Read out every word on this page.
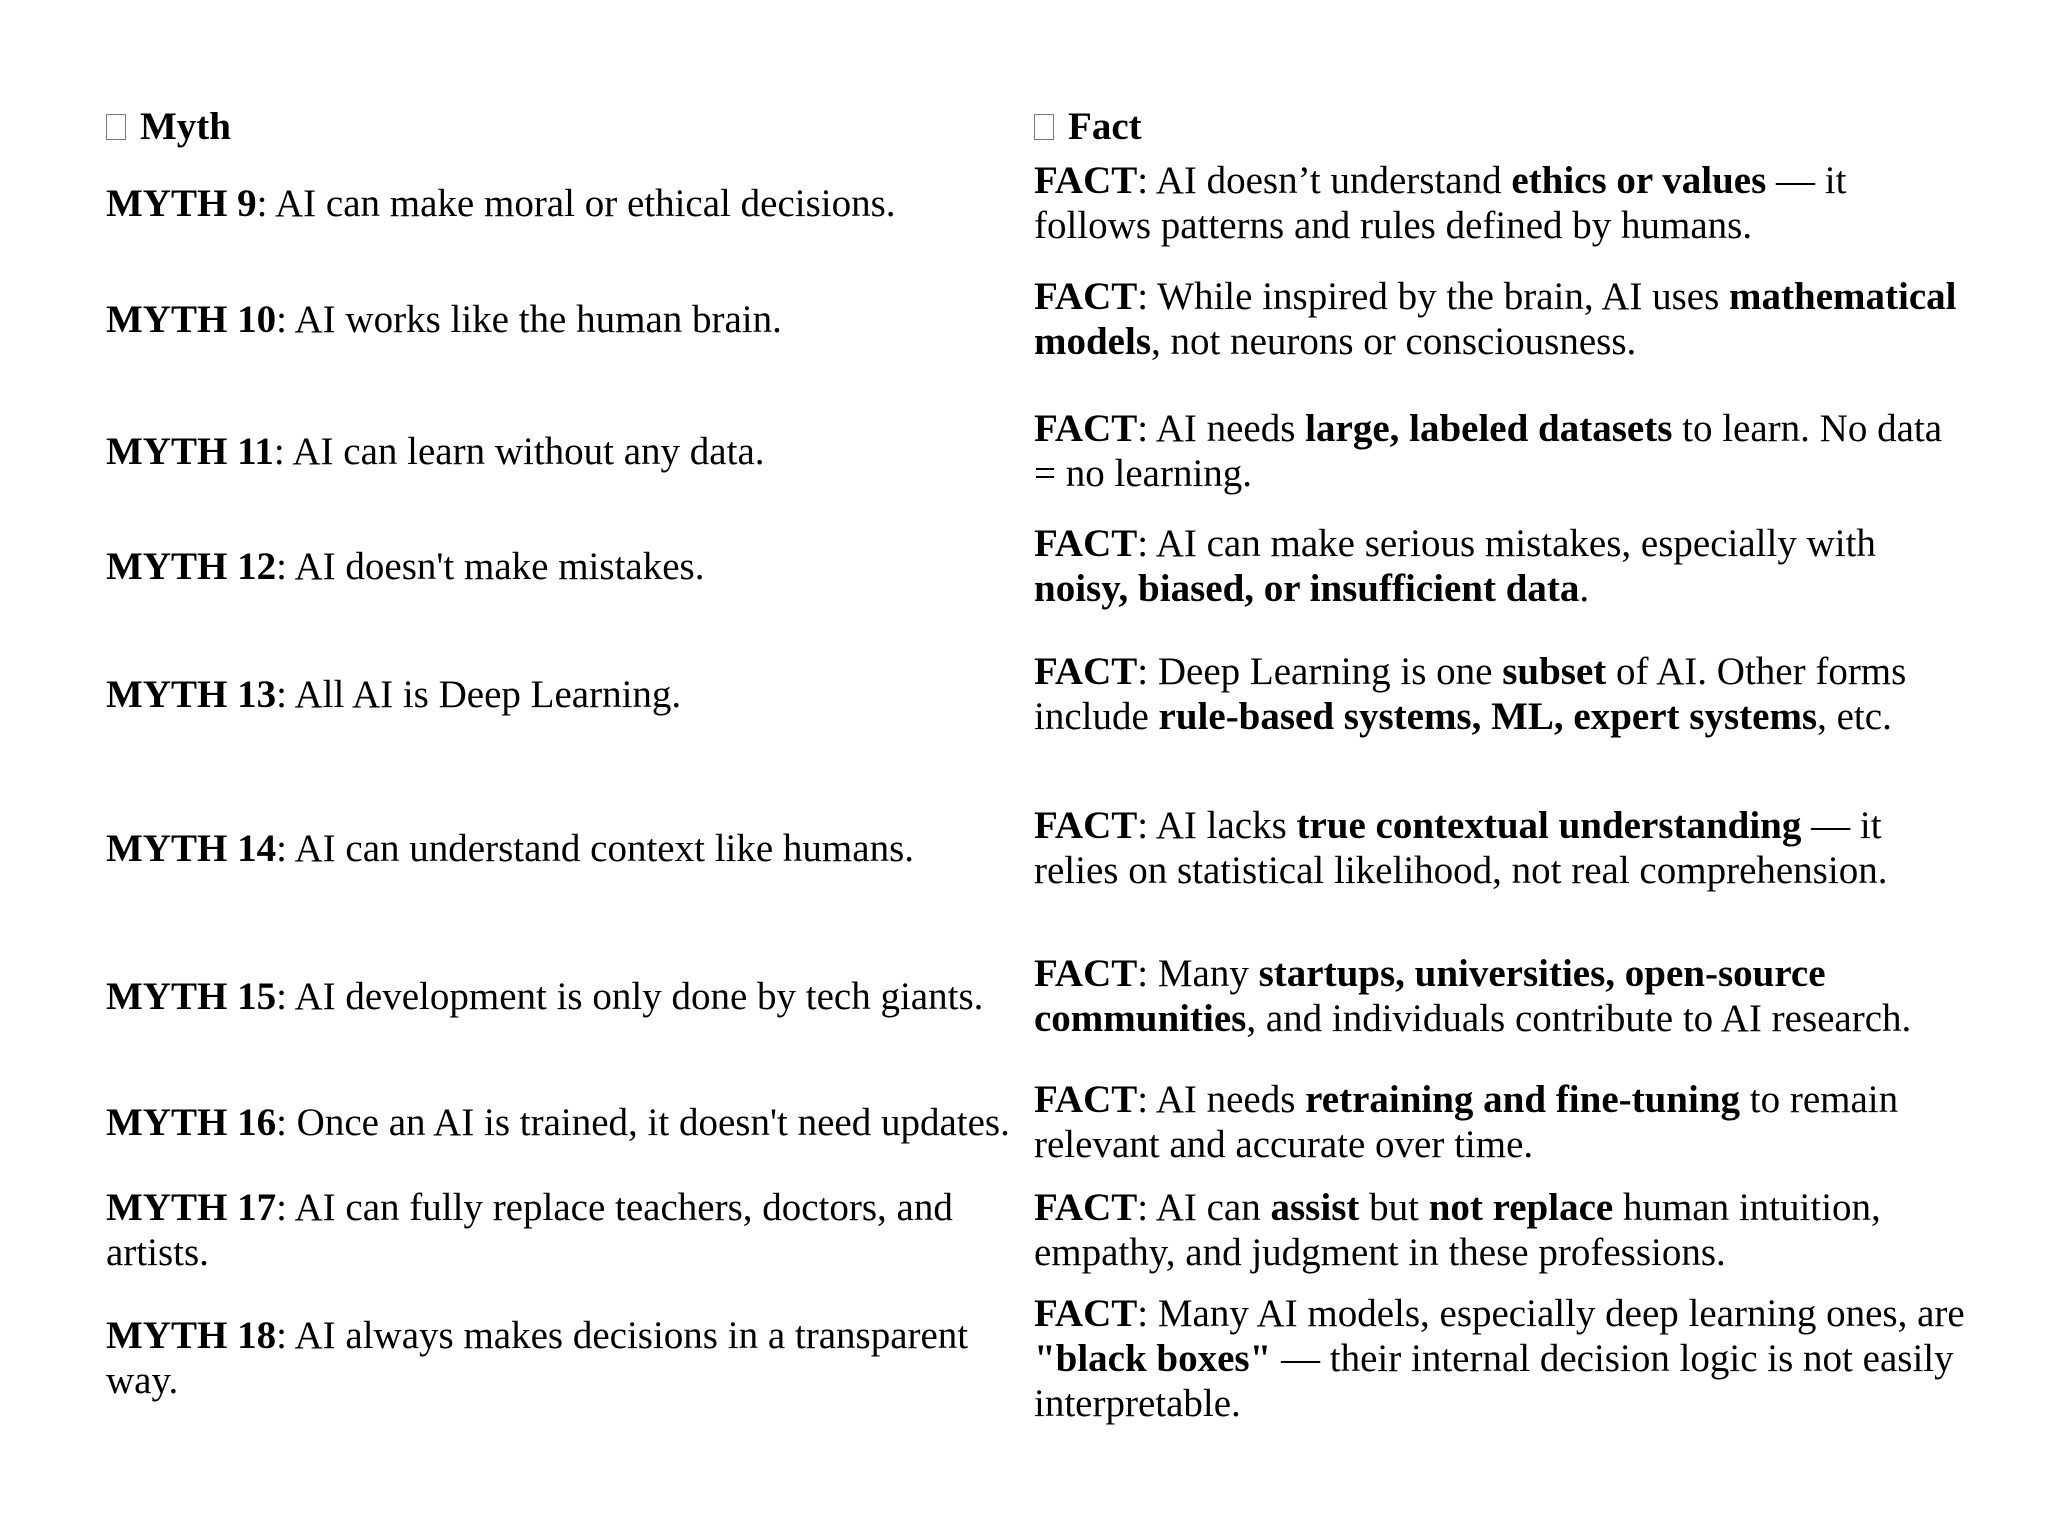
Myth	Fact
MYTH 9: AI can make moral or ethical decisions.	FACT: AI doesn’t understand ethics or values — it follows patterns and rules defined by humans.
MYTH 10: AI works like the human brain.	FACT: While inspired by the brain, AI uses mathematical models, not neurons or consciousness.
MYTH 11: AI can learn without any data.	FACT: AI needs large, labeled datasets to learn. No data = no learning.
MYTH 12: AI doesn't make mistakes.	FACT: AI can make serious mistakes, especially with noisy, biased, or insufficient data.
MYTH 13: All AI is Deep Learning.	FACT: Deep Learning is one subset of AI. Other forms include rule-based systems, ML, expert systems, etc.
MYTH 14: AI can understand context like humans.	FACT: AI lacks true contextual understanding — it relies on statistical likelihood, not real comprehension.
MYTH 15: AI development is only done by tech giants.	FACT: Many startups, universities, open-source communities, and individuals contribute to AI research.
MYTH 16: Once an AI is trained, it doesn't need updates.	FACT: AI needs retraining and fine-tuning to remain relevant and accurate over time.
MYTH 17: AI can fully replace teachers, doctors, and artists.	FACT: AI can assist but not replace human intuition, empathy, and judgment in these professions.
MYTH 18: AI always makes decisions in a transparent way.	FACT: Many AI models, especially deep learning ones, are "black boxes" — their internal decision logic is not easily interpretable.
